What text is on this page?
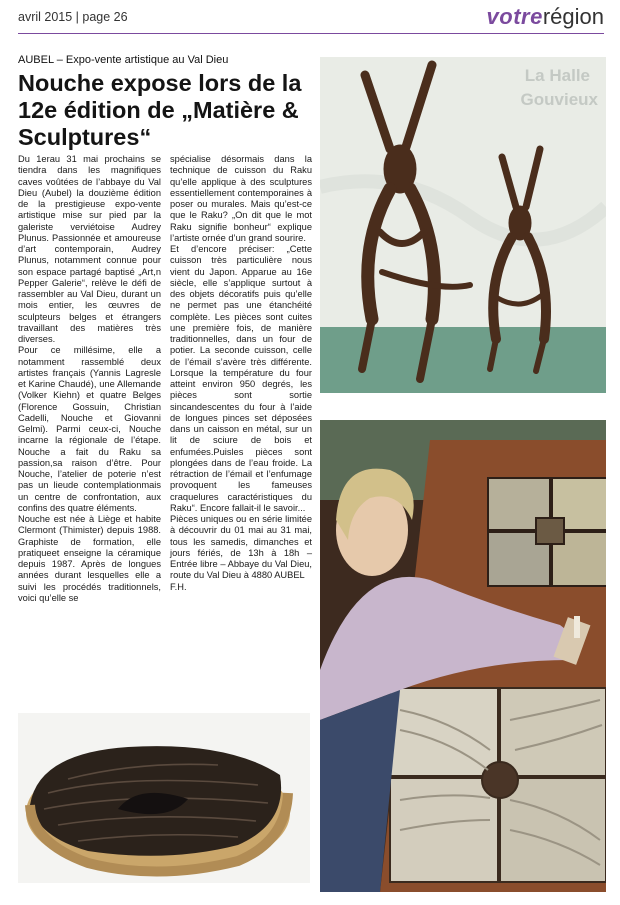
avril 2015 | page 26	votrerégion
AUBEL – Expo-vente artistique au Val Dieu
Nouche expose lors de la 12e édition de „Matière & Sculptures“

Du 1erau 31 mai prochains se tiendra dans les magnifiques caves voûtées de l’abbaye du Val Dieu (Aubel) la douzième édition de la prestigieuse expo-vente artistique mise sur pied par la galeriste verviétoise Audrey Plunus. Passionnée et amoureuse d’art contemporain, Audrey Plunus, notamment connue pour son espace partagé baptisé „Art,n Pepper Galerie“, relève le défi de rassembler au Val Dieu, durant un mois entier, les œuvres de sculpteurs belges et étrangers travaillant des matières très diverses.

Pour ce millésime, elle a notamment rassemblé deux artistes français (Yannis Lagresle et Karine Chaudé), une Allemande (Volker Kiehn) et quatre Belges (Florence Gossuin, Christian Cadelli, Nouche et Giovanni Gelmi). Parmi ceux-ci, Nouche incarne la régionale de l’étape. Nouche a fait du Raku sa passion,sa raison d’être. Pour Nouche, l’atelier de poterie n’est pas un lieude contemplationmais un centre de confrontation, aux confins des quatre éléments.

Nouche est née à Liège et habite Clermont (Thimister) depuis 1988. Graphiste de formation, elle pratiqueet enseigne la céramique depuis 1987. Après de longues années durant lesquelles elle a suivi les procédés traditionnels, voici qu’elle se

spécialise désormais dans la technique de cuisson du Raku qu’elle applique à des sculptures essentiellement contemporaines à poser ou murales. Mais qu’est-ce que le Raku? „On dit que le mot Raku signifie bonheur“ explique l’artiste ornée d’un grand sourire.

Et d’encore préciser: „Cette cuisson très particulière nous vient du Japon. Apparue au 16e siècle, elle s’applique surtout à des objets décoratifs puis qu’elle ne permet pas une étanchéité complète. Les pièces sont cuites une première fois, de manière traditionnelles, dans un four de potier. La seconde cuisson, celle de l’émail s’avère très différente. Lorsque la température du four atteint environ 950 degrés, les pièces sont sortie sincandescentes du four à l’aide de longues pinces set déposées dans un caisson en métal, sur un lit de sciure de bois et enfumées.Puisles pièces sont plongées dans de l’eau froide. La rétraction de l’émail et l’enfumage provoquent les fameuses craquelures caractéristiques du Raku“. Encore fallait-il le savoir...

Pièces uniques ou en série limitée à découvrir du 01 mai au 31 mai, tous les samedis, dimanches et jours fériés, de 13h à 18h – Entrée libre – Abbaye du Val Dieu, route du Val Dieu à 4880 AUBEL

F.H.

La Halle
Gouvieux
